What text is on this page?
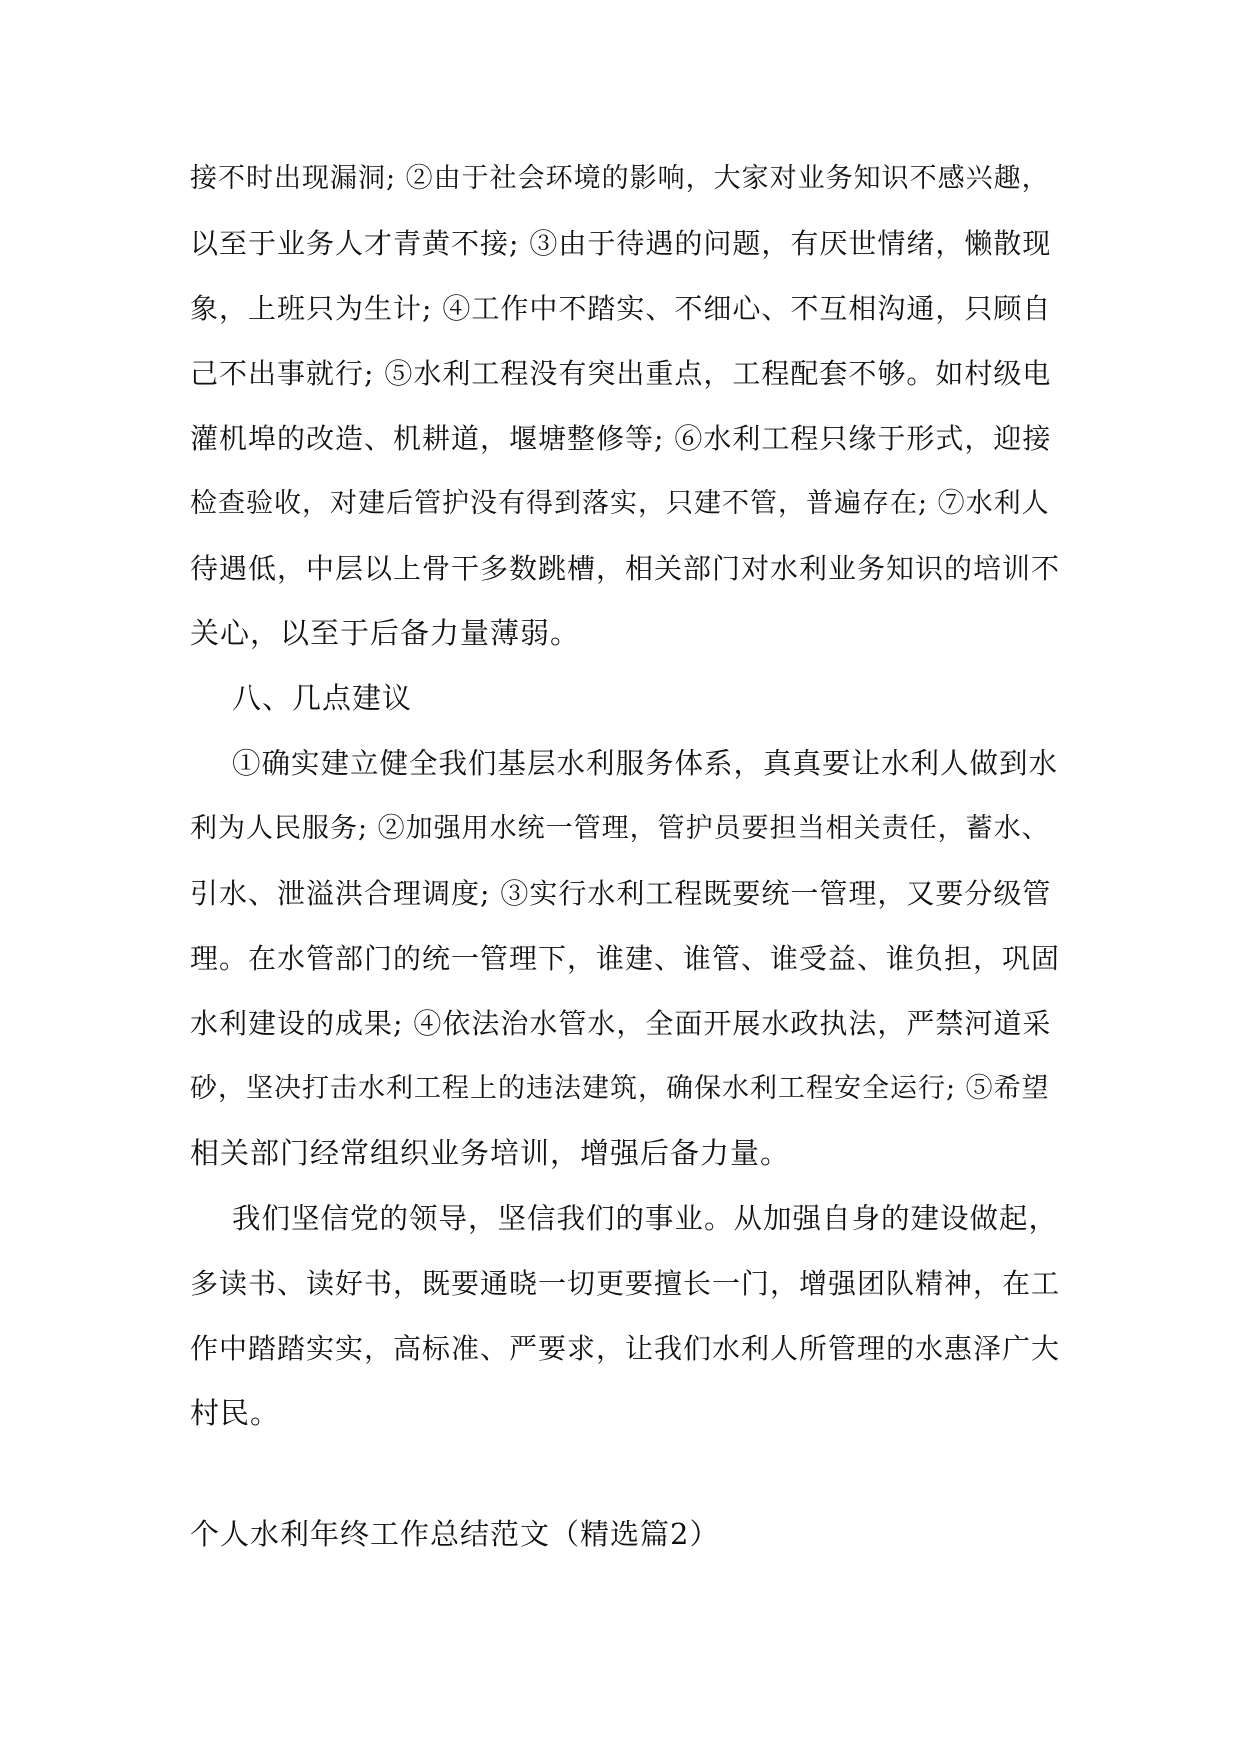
接不时出现漏洞; ②由于社会环境的影响，大家对业务知识不感兴趣，
以至于业务人才青黄不接; ③由于待遇的问题，有厌世情绪，懒散现
象，上班只为生计; ④工作中不踏实、不细心、不互相沟通，只顾自
己不出事就行; ⑤水利工程没有突出重点，工程配套不够。如村级电
灌机埠的改造、机耕道，堰塘整修等; ⑥水利工程只缘于形式，迎接
检查验收，对建后管护没有得到落实，只建不管，普遍存在; ⑦水利人
待遇低，中层以上骨干多数跳槽，相关部门对水利业务知识的培训不
关心，以至于后备力量薄弱。
八、几点建议
①确实建立健全我们基层水利服务体系，真真要让水利人做到水
利为人民服务; ②加强用水统一管理，管护员要担当相关责任，蓄水、
引水、泄溢洪合理调度; ③实行水利工程既要统一管理，又要分级管
理。在水管部门的统一管理下，谁建、谁管、谁受益、谁负担，巩固
水利建设的成果; ④依法治水管水，全面开展水政执法，严禁河道采
砂，坚决打击水利工程上的违法建筑，确保水利工程安全运行; ⑤希望
相关部门经常组织业务培训，增强后备力量。
我们坚信党的领导，坚信我们的事业。从加强自身的建设做起，
多读书、读好书，既要通晓一切更要擅长一门，增强团队精神，在工
作中踏踏实实，高标准、严要求，让我们水利人所管理的水惠泽广大
村民。
个人水利年终工作总结范文（精选篇2）
